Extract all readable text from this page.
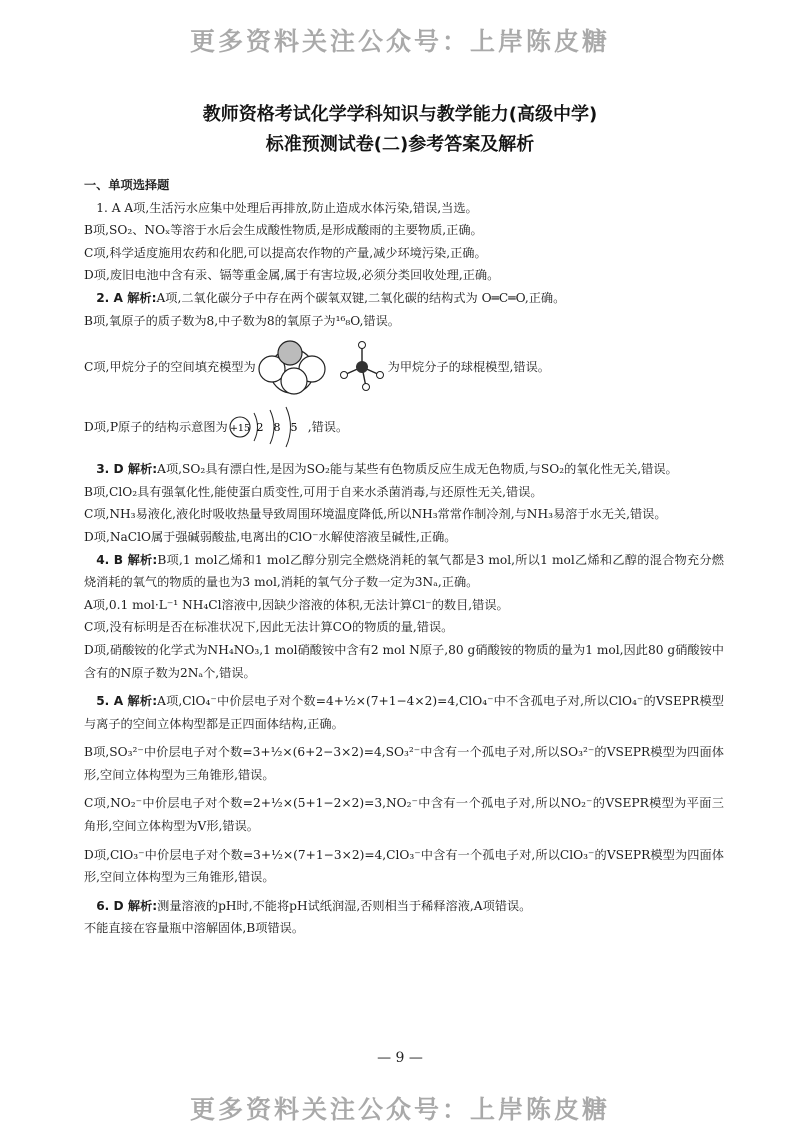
更多资料关注公众号：上岸陈皮糖
教师资格考试化学学科知识与教学能力(高级中学)
标准预测试卷(二)参考答案及解析

一、单项选择题

1. A A项,生活污水应集中处理后再排放,防止造成水体污染,错误,当选。

B项,SO₂、NOₓ等溶于水后会生成酸性物质,是形成酸雨的主要物质,正确。

C项,科学适度施用农药和化肥,可以提高农作物的产量,减少环境污染,正确。

D项,废旧电池中含有汞、镉等重金属,属于有害垃圾,必须分类回收处理,正确。

2. A 解析:A项,二氧化碳分子中存在两个碳氧双键,二氧化碳的结构式为 O═C═O,正确。

B项,氧原子的质子数为8,中子数为8的氧原子为¹⁶₈O,错误。

C项,甲烷分子的空间填充模型为	为甲烷分子的球棍模型,错误。
D项,P原子的结构示意图为 +15 2 8 5 ,错误。

3. D 解析:A项,SO₂具有漂白性,是因为SO₂能与某些有色物质反应生成无色物质,与SO₂的氧化性无关,错误。

B项,ClO₂具有强氧化性,能使蛋白质变性,可用于自来水杀菌消毒,与还原性无关,错误。

C项,NH₃易液化,液化时吸收热量导致周围环境温度降低,所以NH₃常常作制冷剂,与NH₃易溶于水无关,错误。

D项,NaClO属于强碱弱酸盐,电离出的ClO⁻水解使溶液呈碱性,正确。

4. B 解析:B项,1 mol乙烯和1 mol乙醇分别完全燃烧消耗的氧气都是3 mol,所以1 mol乙烯和乙醇的混合物充分燃烧消耗的氧气的物质的量也为3 mol,消耗的氧气分子数一定为3Nₐ,正确。

A项,0.1 mol·L⁻¹ NH₄Cl溶液中,因缺少溶液的体积,无法计算Cl⁻的数目,错误。

C项,没有标明是否在标准状况下,因此无法计算CO的物质的量,错误。

D项,硝酸铵的化学式为NH₄NO₃,1 mol硝酸铵中含有2 mol N原子,80 g硝酸铵的物质的量为1 mol,因此80 g硝酸铵中含有的N原子数为2Nₐ个,错误。

5. A 解析:A项,ClO₄⁻中价层电子对个数=4+½×(7+1−4×2)=4,ClO₄⁻中不含孤电子对,所以ClO₄⁻的VSEPR模型与离子的空间立体构型都是正四面体结构,正确。

B项,SO₃²⁻中价层电子对个数=3+½×(6+2−3×2)=4,SO₃²⁻中含有一个孤电子对,所以SO₃²⁻的VSEPR模型为四面体形,空间立体构型为三角锥形,错误。

C项,NO₂⁻中价层电子对个数=2+½×(5+1−2×2)=3,NO₂⁻中含有一个孤电子对,所以NO₂⁻的VSEPR模型为平面三角形,空间立体构型为V形,错误。

D项,ClO₃⁻中价层电子对个数=3+½×(7+1−3×2)=4,ClO₃⁻中含有一个孤电子对,所以ClO₃⁻的VSEPR模型为四面体形,空间立体构型为三角锥形,错误。

6. D 解析:测量溶液的pH时,不能将pH试纸润湿,否则相当于稀释溶液,A项错误。

不能直接在容量瓶中溶解固体,B项错误。

— 9 —
更多资料关注公众号：上岸陈皮糖
